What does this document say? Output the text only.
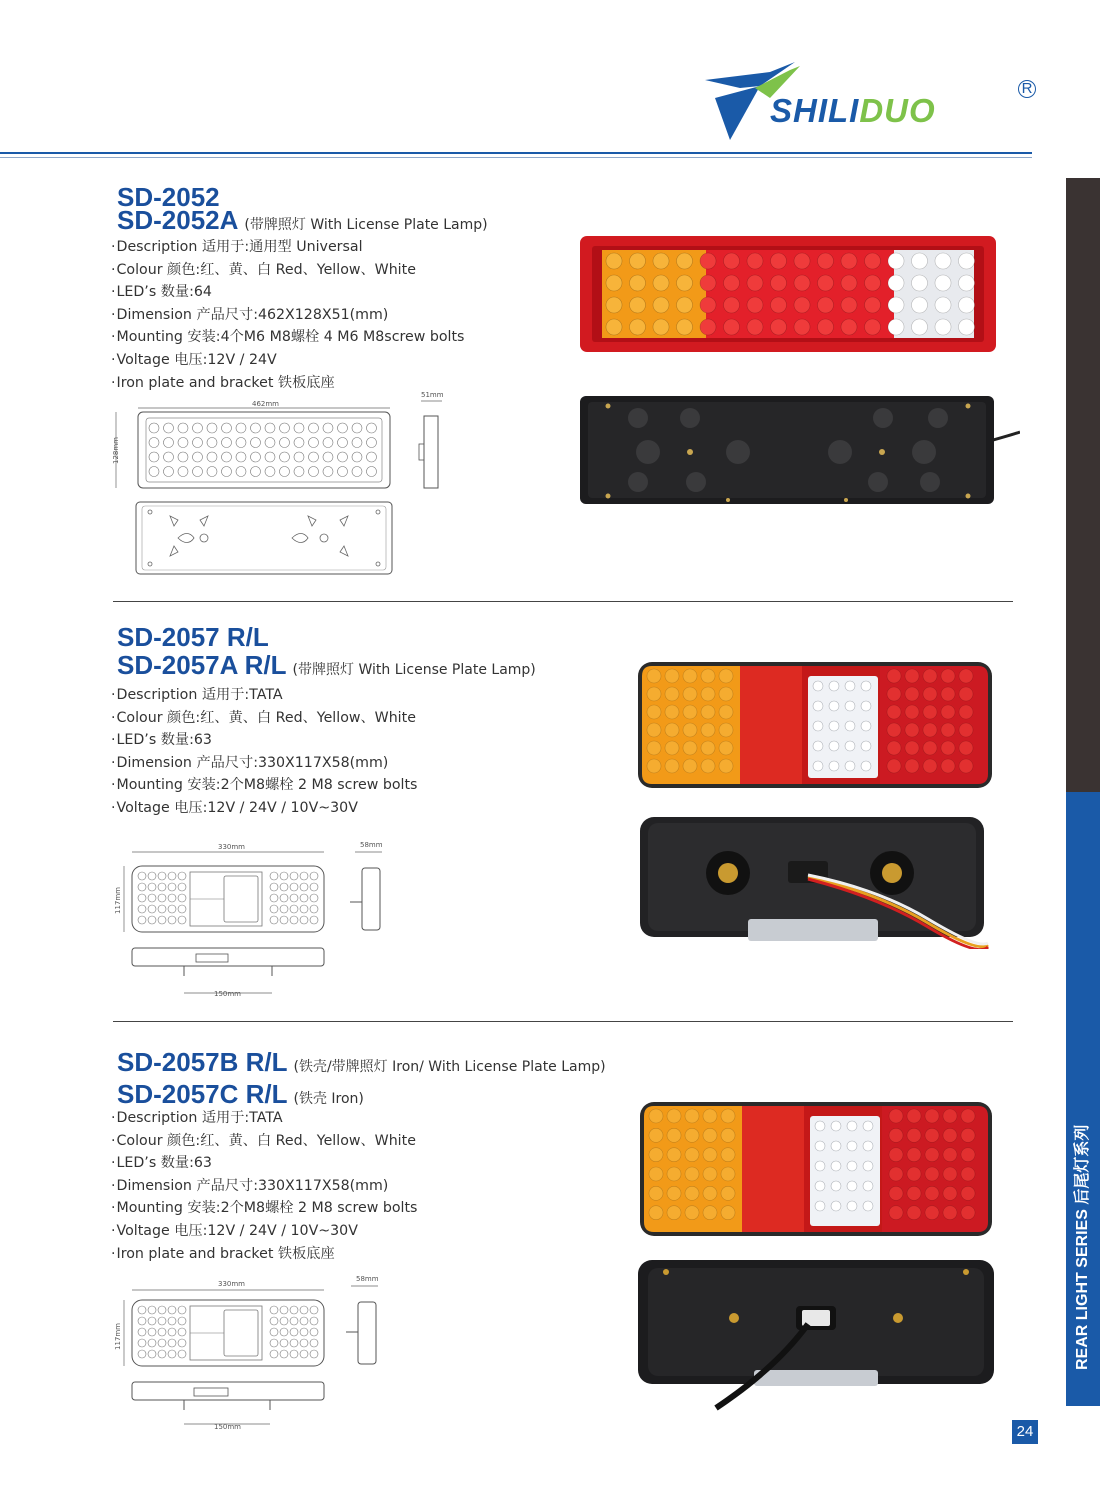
SHILIDUO
R
REAR LIGHT SERIES 后尾灯系列
24
SD-2052
SD-2052A (带牌照灯 With License Plate Lamp)
· Description 适用于:通用型 Universal
· Colour 颜色:红、黄、白 Red、Yellow、White
· LED’s 数量:64
· Dimension 产品尺寸:462X128X51(mm)
· Mounting 安装:4个M6 M8螺栓 4 M6 M8screw bolts
· Voltage 电压:12V / 24V
· Iron plate and bracket 铁板底座
462mm
128mm
51mm
SD-2057 R/L
SD-2057A R/L (带牌照灯 With License Plate Lamp)
· Description 适用于:TATA
· Colour 颜色:红、黄、白 Red、Yellow、White
· LED’s 数量:63
· Dimension 产品尺寸:330X117X58(mm)
· Mounting 安装:2个M8螺栓 2 M8 screw bolts
· Voltage 电压:12V / 24V / 10V~30V
330mm
117mm
58mm
150mm
SD-2057B R/L (铁壳/带牌照灯 Iron/ With License Plate Lamp)
SD-2057C R/L (铁壳 Iron)
· Description 适用于:TATA
· Colour 颜色:红、黄、白 Red、Yellow、White
· LED’s 数量:63
· Dimension 产品尺寸:330X117X58(mm)
· Mounting 安装:2个M8螺栓 2 M8 screw bolts
· Voltage 电压:12V / 24V / 10V~30V
· Iron plate and bracket 铁板底座
330mm
117mm
58mm
150mm
